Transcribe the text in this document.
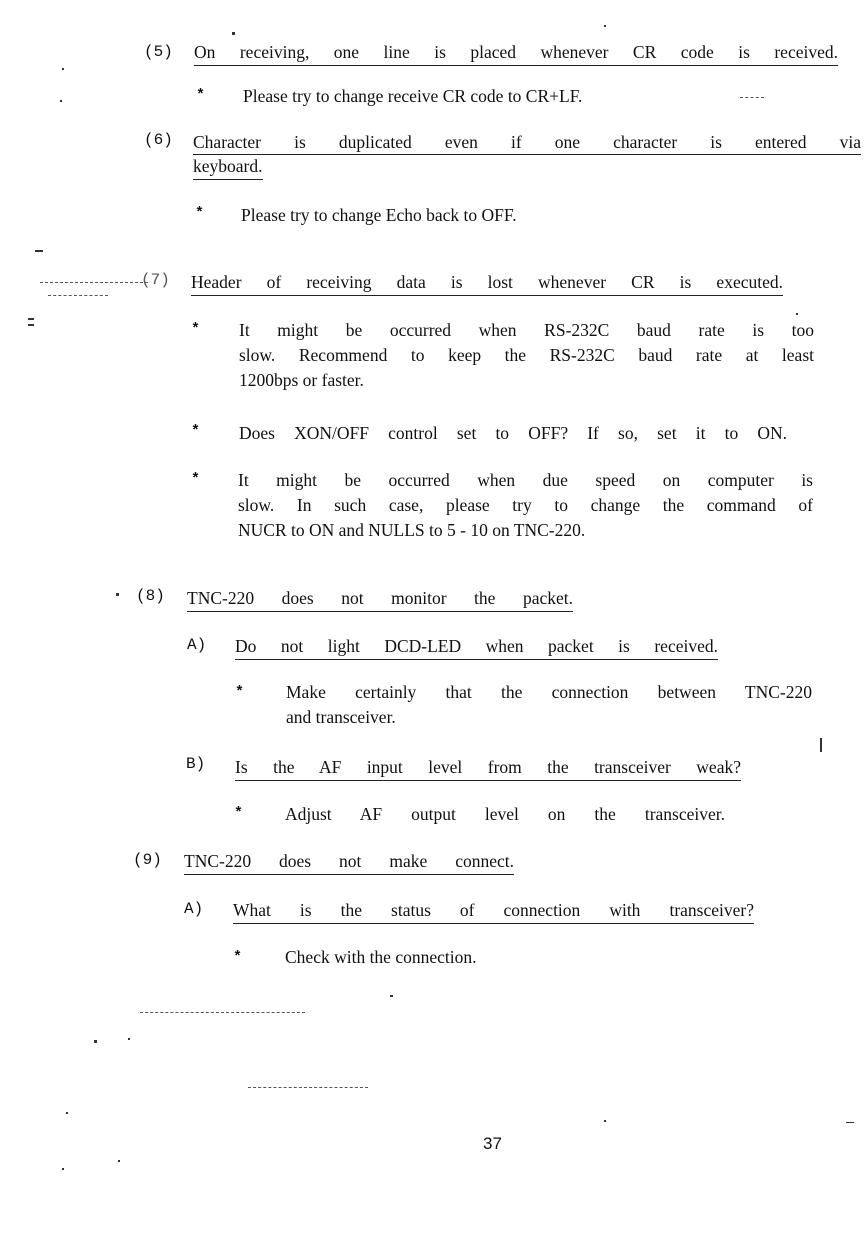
(5) On receiving, one line is placed whenever CR code is received.
* Please try to change receive CR code to CR+LF.
(6) Character is duplicated even if one character is entered via
keyboard.
* Please try to change Echo back to OFF.
(7) Header of receiving data is lost whenever CR is executed.
* It might be occurred when RS-232C baud rate is too
slow. Recommend to keep the RS-232C baud rate at least
1200bps or faster.
* Does XON/OFF control set to OFF? If so, set it to ON.
* It might be occurred when due speed on computer is
slow. In such case, please try to change the command of
NUCR to ON and NULLS to 5 - 10 on TNC-220.
(8) TNC-220 does not monitor the packet.
A) Do not light DCD-LED when packet is received.
* Make certainly that the connection between TNC-220
and transceiver.
B) Is the AF input level from the transceiver weak?
* Adjust AF output level on the transceiver.
(9) TNC-220 does not make connect.
A) What is the status of connection with transceiver?
* Check with the connection.
37
